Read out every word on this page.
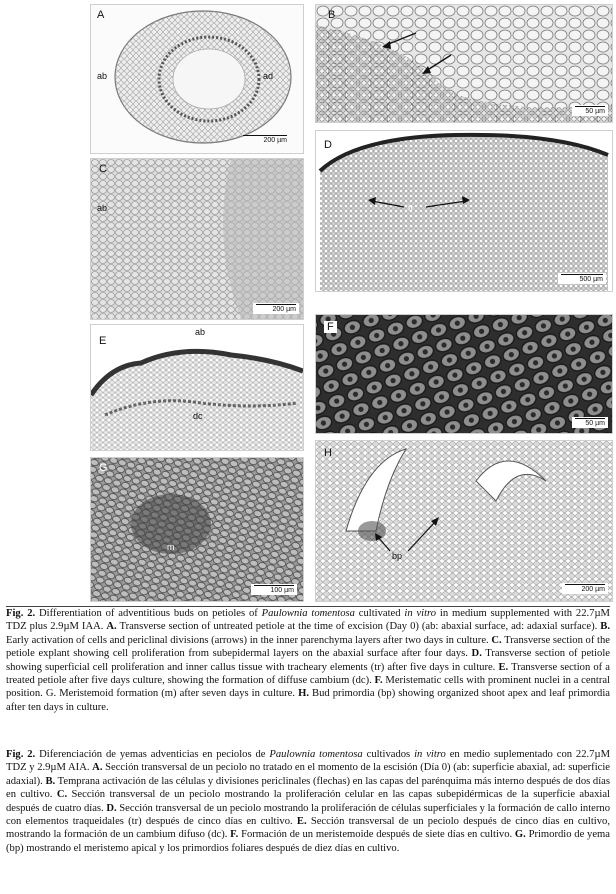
A
ab	ad
200 µm
B
50 µm
C
ab
200 µm
D
tr
500 µm
E
ab
dc
F
50 µm
G
m
100 µm
H
bp
200 µm

Fig. 2. Differentiation of adventitious buds on petioles of Paulownia tomentosa cultivated in vitro in medium supplemented with 22.7µM TDZ plus 2.9µM IAA. A. Transverse section of untreated petiole at the time of excision (Day 0) (ab: abaxial surface, ad: adaxial surface). B. Early activation of cells and periclinal divisions (arrows) in the inner parenchyma layers after two days in culture. C. Transverse section of the petiole explant showing cell proliferation from subepidermal layers on the abaxial surface after four days. D. Transverse section of petiole showing superficial cell proliferation and inner callus tissue with tracheary elements (tr) after five days in culture. E. Transverse section of a treated petiole after five days culture, showing the formation of diffuse cambium (dc). F. Meristematic cells with prominent nuclei in a central position. G. Meristemoid formation (m) after seven days in culture. H. Bud primordia (bp) showing organized shoot apex and leaf primordia after ten days in culture.

Fig. 2. Diferenciación de yemas adventicias en peciolos de Paulownia tomentosa cultivados in vitro en medio suplementado con 22.7µM TDZ y 2.9µM AIA. A. Sección transversal de un peciolo no tratado en el momento de la escisión (Día 0) (ab: superficie abaxial, ad: superficie adaxial). B. Temprana activación de las células y divisiones periclinales (flechas) en las capas del parénquima más interno después de dos días en cultivo. C. Sección transversal de un peciolo mostrando la proliferación celular en las capas subepidérmicas de la superficie abaxial después de cuatro días. D. Sección transversal de un peciolo mostrando la proliferación de células superficiales y la formación de callo interno con elementos traqueidales (tr) después de cinco días en cultivo. E. Sección transversal de un peciolo después de cinco días en cultivo, mostrando la formación de un cambium difuso (dc). F. Formación de un meristemoide después de siete días en cultivo. G. Primordio de yema (bp) mostrando el meristemo apical y los primordios foliares después de diez días en cultivo.
